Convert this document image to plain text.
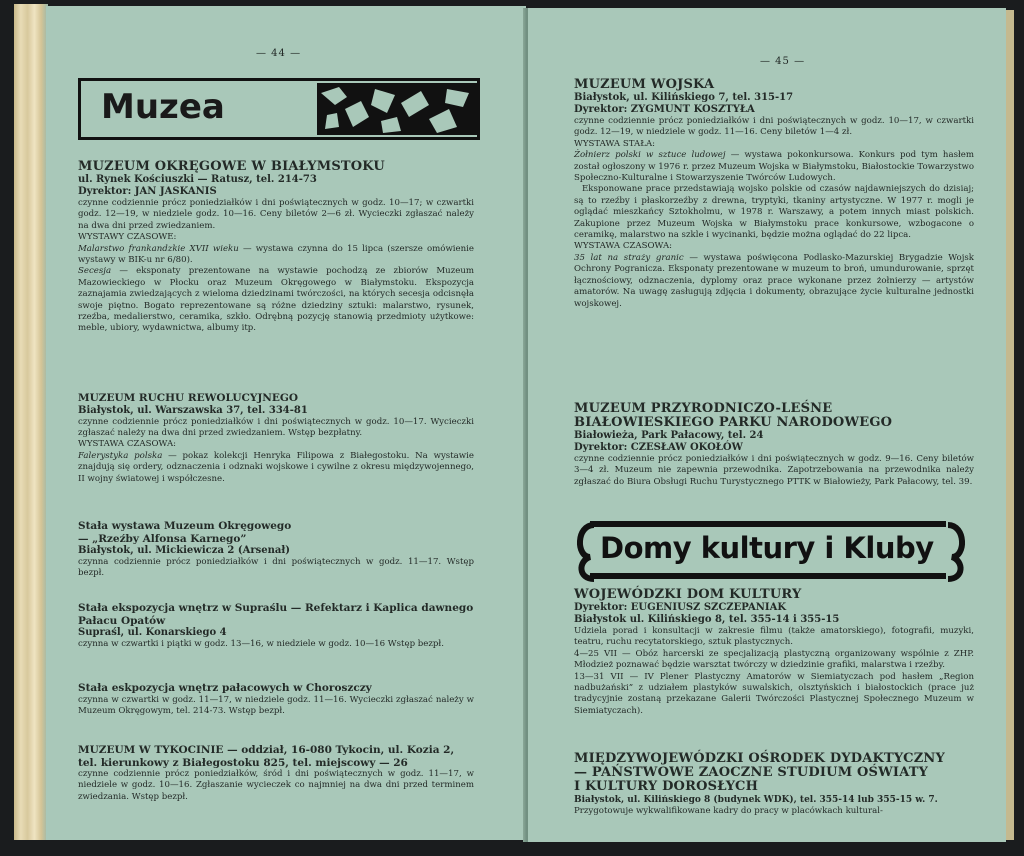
— 44 —
Muzea
MUZEUM OKRĘGOWE W BIAŁYMSTOKU
ul. Rynek Kościuszki — Ratusz, tel. 214-73
Dyrektor: JAN JASKANIS
czynne codziennie prócz poniedziałków i dni poświątecznych w godz. 10—17; w czwartki godz. 12—19, w niedziele godz. 10—16. Ceny biletów 2—6 zł. Wycieczki zgłaszać należy na dwa dni przed zwiedzaniem.
WYSTAWY CZASOWE:
Malarstwo frankandzkie XVII wieku — wystawa czynna do 15 lipca (szersze omówienie wystawy w BIK-u nr 6/80).
Secesja — eksponaty prezentowane na wystawie pochodzą ze zbiorów Muzeum Mazowieckiego w Płocku oraz Muzeum Okręgowego w Białymstoku. Ekspozycja zaznajamia zwiedzających z wieloma dziedzinami twórczości, na których secesja odcisnęła swoje piętno. Bogato reprezentowane są różne dziedziny sztuki: malarstwo, rysunek, rzeźba, medalierstwo, ceramika, szkło. Odrębną pozycję stanowią przedmioty użytkowe: meble, ubiory, wydawnictwa, albumy itp.
MUZEUM RUCHU REWOLUCYJNEGO
Białystok, ul. Warszawska 37, tel. 334-81
czynne codziennie prócz poniedziałków i dni poświątecznych w godz. 10—17. Wycieczki zgłaszać należy na dwa dni przed zwiedzaniem. Wstęp bezpłatny.
WYSTAWA CZASOWA:
Falerystyka polska — pokaz kolekcji Henryka Filipowa z Białegostoku. Na wystawie znajdują się ordery, odznaczenia i odznaki wojskowe i cywilne z okresu międzywojennego, II wojny światowej i współczesne.
Stała wystawa Muzeum Okręgowego
— „Rzeźby Alfonsa Karnego”
Białystok, ul. Mickiewicza 2 (Arsenał)
czynna codziennie prócz poniedziałków i dni poświątecznych w godz. 11—17. Wstęp bezpł.
Stała ekspozycja wnętrz w Supraślu — Refektarz i Kaplica dawnego Pałacu Opatów
Supraśl, ul. Konarskiego 4
czynna w czwartki i piątki w godz. 13—16, w niedziele w godz. 10—16 Wstęp bezpł.
Stała eskpozycja wnętrz pałacowych w Choroszczy
czynna w czwartki w godz. 11—17, w niedziele godz. 11—16. Wycieczki zgłaszać należy w Muzeum Okręgowym, tel. 214-73. Wstęp bezpł.
MUZEUM W TYKOCINIE — oddział, 16-080 Tykocin, ul. Kozia 2, tel. kierunkowy z Białegostoku 825, tel. miejscowy — 26
czynne codziennie prócz poniedziałków, śród i dni poświątecznych w godz. 11—17, w niedziele w godz. 10—16. Zgłaszanie wycieczek co najmniej na dwa dni przed terminem zwiedzania. Wstęp bezpł.
— 45 —
MUZEUM WOJSKA
Białystok, ul. Kilińskiego 7, tel. 315-17
Dyrektor: ZYGMUNT KOSZTYŁA
czynne codziennie prócz poniedziałków i dni poświątecznych w godz. 10—17, w czwartki godz. 12—19, w niedziele w godz. 11—16. Ceny biletów 1—4 zł.
WYSTAWA STAŁA:
Żołnierz polski w sztuce ludowej — wystawa pokonkursowa. Konkurs pod tym hasłem został ogłoszony w 1976 r. przez Muzeum Wojska w Białymstoku, Białostockie Towarzystwo Społeczno-Kulturalne i Stowarzyszenie Twórców Ludowych.
Eksponowane prace przedstawiają wojsko polskie od czasów najdawniejszych do dzisiaj; są to rzeźby i płaskorzeźby z drewna, tryptyki, tkaniny artystyczne. W 1977 r. mogli je oglądać mieszkańcy Sztokholmu, w 1978 r. Warszawy, a potem innych miast polskich. Zakupione przez Muzeum Wojska w Białymstoku prace konkursowe, wzbogacone o ceramikę, malarstwo na szkle i wycinanki, będzie można oglądać do 22 lipca.
WYSTAWA CZASOWA:
35 lat na straży granic — wystawa poświęcona Podlasko-Mazurskiej Brygadzie Wojsk Ochrony Pogranicza. Eksponaty prezentowane w muzeum to broń, umundurowanie, sprzęt łącznościowy, odznaczenia, dyplomy oraz prace wykonane przez żołnierzy — artystów amatorów. Na uwagę zasługują zdjęcia i dokumenty, obrazujące życie kulturalne jednostki wojskowej.
MUZEUM PRZYRODNICZO-LEŚNE
BIAŁOWIESKIEGO PARKU NARODOWEGO
Białowieża, Park Pałacowy, tel. 24
Dyrektor: CZESŁAW OKOŁÓW
czynne codziennie prócz poniedziałków i dni poświątecznych w godz. 9—16. Ceny biletów 3—4 zł. Muzeum nie zapewnia przewodnika. Zapotrzebowania na przewodnika należy zgłaszać do Biura Obsługi Ruchu Turystycznego PTTK w Białowieży, Park Pałacowy, tel. 39.
Domy kultury i Kluby
WOJEWÓDZKI DOM KULTURY
Dyrektor: EUGENIUSZ SZCZEPANIAK
Białystok ul. Kilińskiego 8, tel. 355-14 i 355-15
Udziela porad i konsultacji w zakresie filmu (także amatorskiego), fotografii, muzyki, teatru, ruchu recytatorskiego, sztuk plastycznych.
4—25 VII — Obóz harcerski ze specjalizacją plastyczną organizowany wspólnie z ZHP. Młodzież poznawać będzie warsztat twórczy w dziedzinie grafiki, malarstwa i rzeźby.
13—31 VII — IV Plener Plastyczny Amatorów w Siemiatyczach pod hasłem „Region nadbużański” z udziałem plastyków suwalskich, olsztyńskich i białostockich (prace już tradycyjnie zostaną przekazane Galerii Twórczości Plastycznej Społecznego Muzeum w Siemiatyczach).
MIĘDZYWOJEWÓDZKI OŚRODEK DYDAKTYCZNY
— PAŃSTWOWE ZAOCZNE STUDIUM OŚWIATY
I KULTURY DOROSŁYCH
Białystok, ul. Kilińskiego 8 (budynek WDK), tel. 355-14 lub 355-15 w. 7.
Przygotowuje wykwalifikowane kadry do pracy w placówkach kultural-
